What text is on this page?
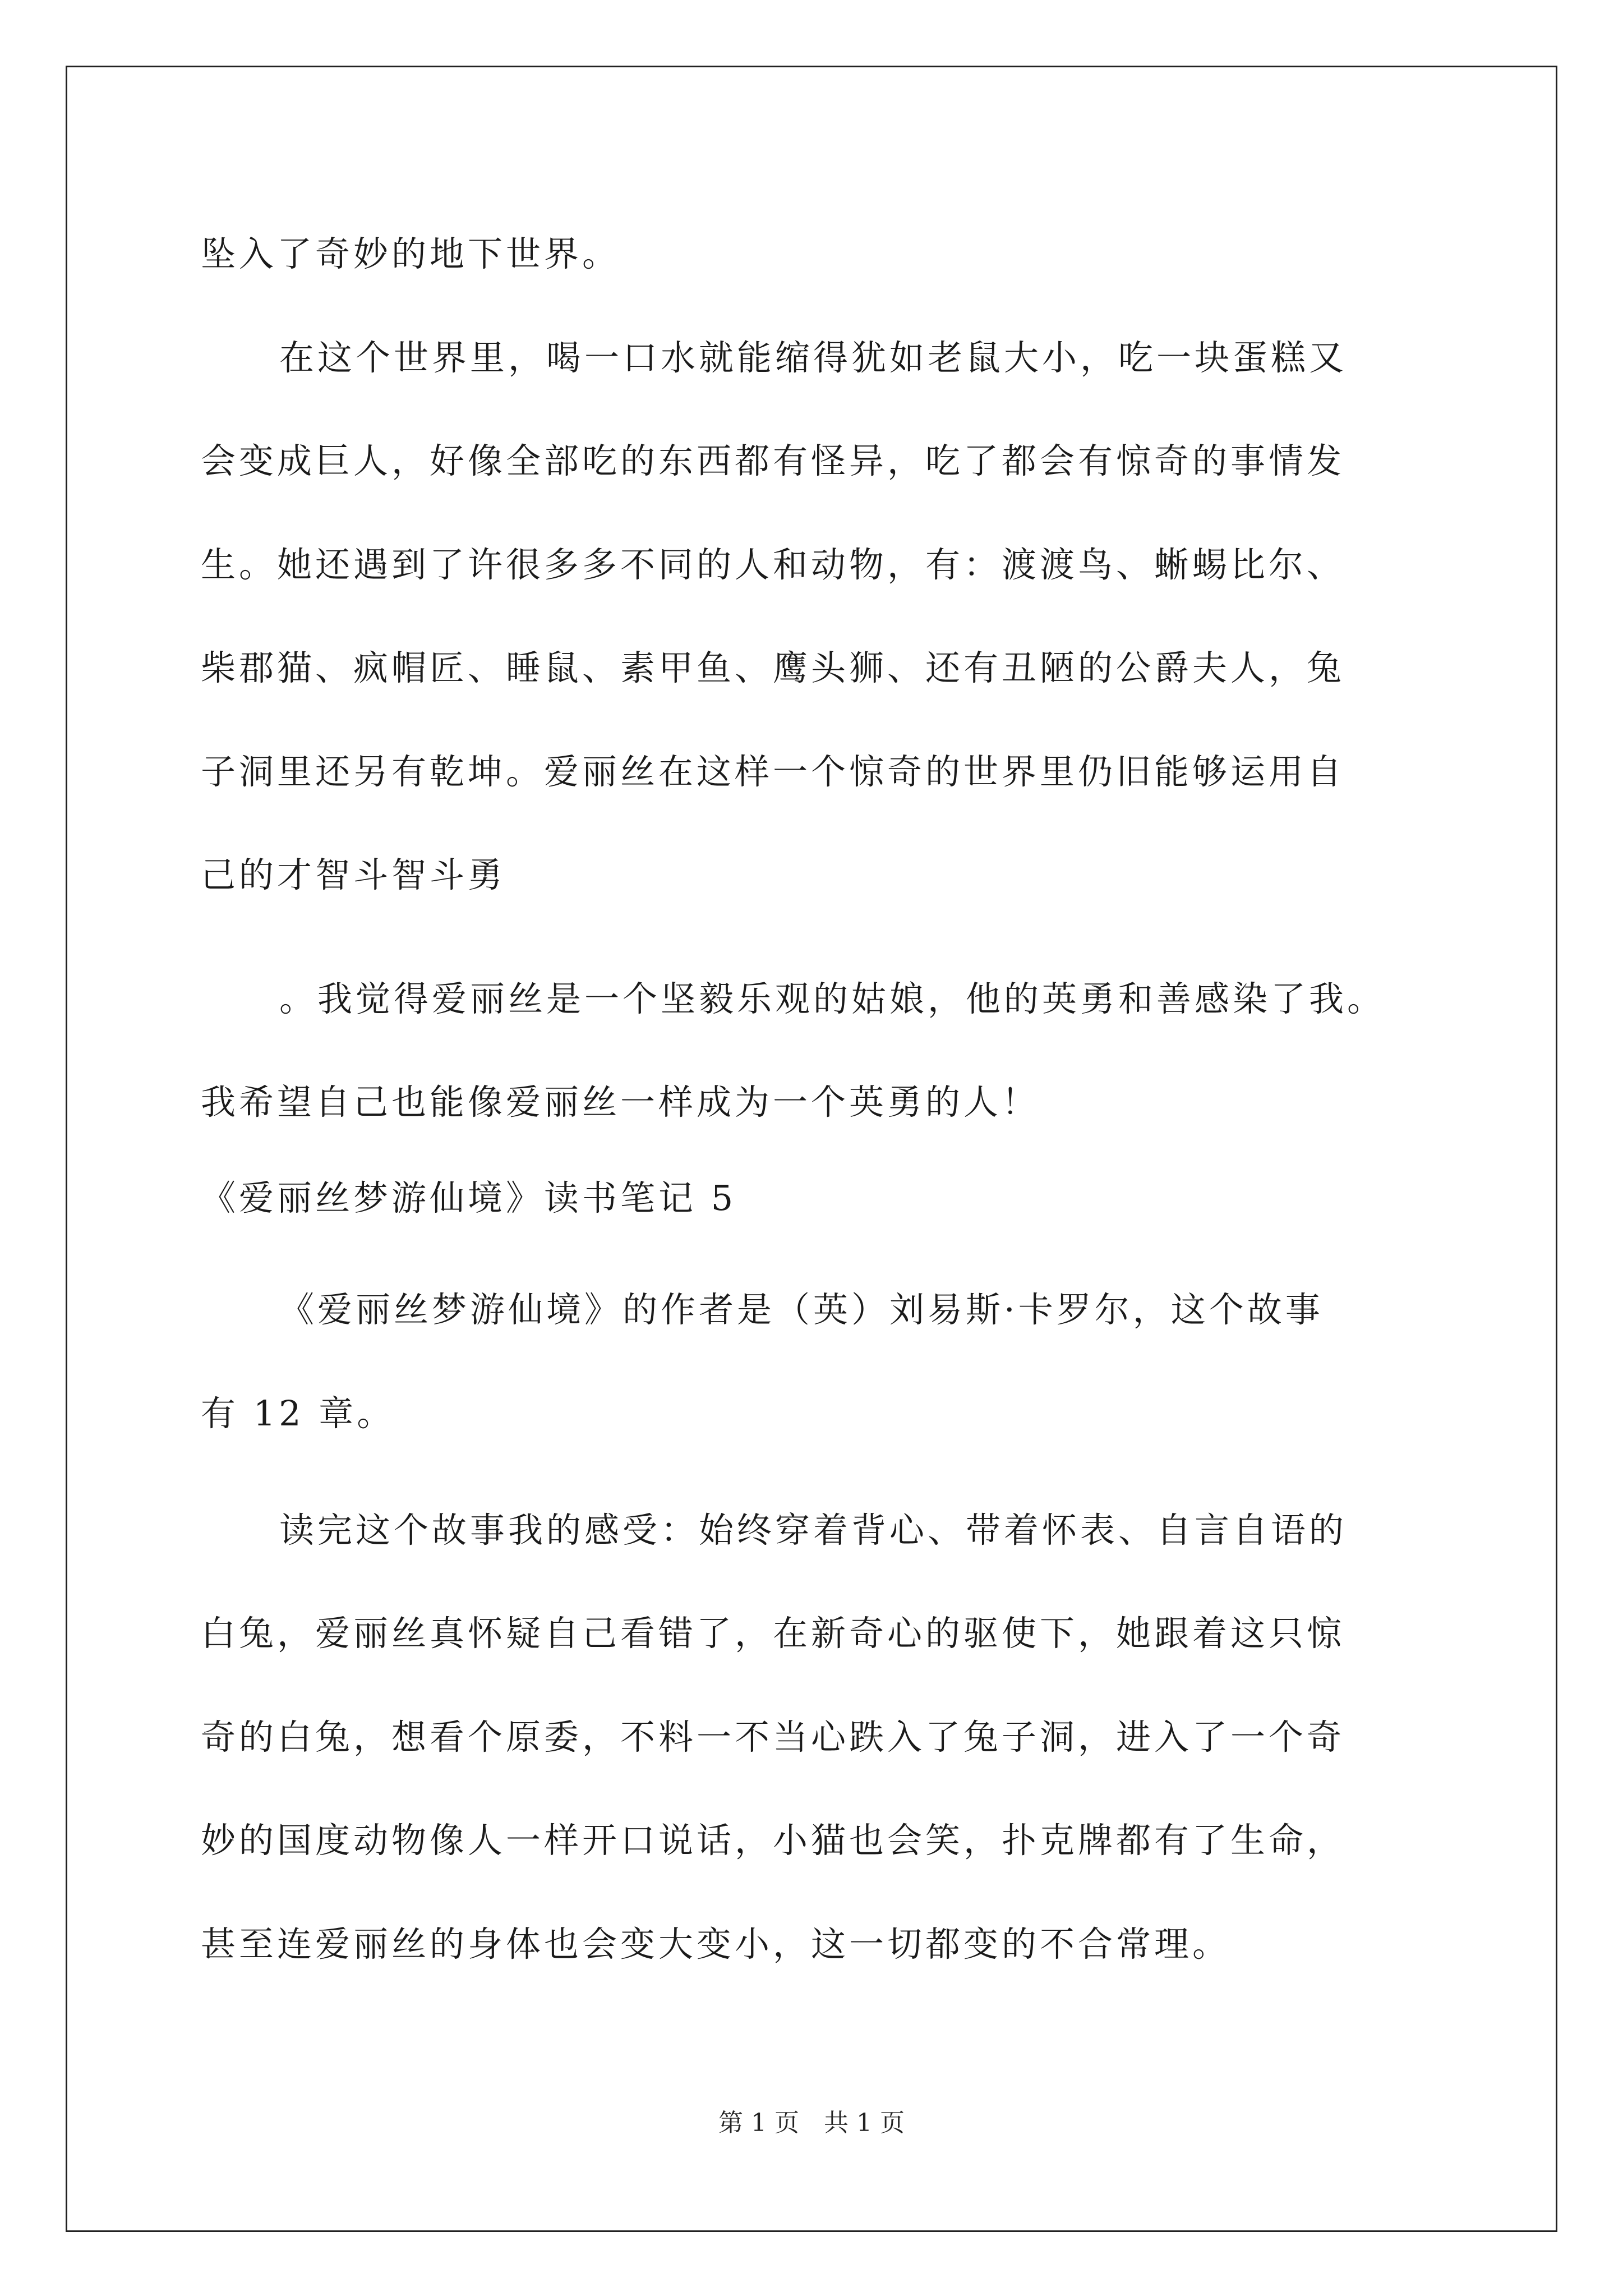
坠入了奇妙的地下世界。
在这个世界里，喝一口水就能缩得犹如老鼠大小，吃一块蛋糕又
会变成巨人，好像全部吃的东西都有怪异，吃了都会有惊奇的事情发
生。她还遇到了许很多多不同的人和动物，有：渡渡鸟、蜥蜴比尔、
柴郡猫、疯帽匠、睡鼠、素甲鱼、鹰头狮、还有丑陋的公爵夫人，兔
子洞里还另有乾坤。爱丽丝在这样一个惊奇的世界里仍旧能够运用自
己的才智斗智斗勇
。我觉得爱丽丝是一个坚毅乐观的姑娘，他的英勇和善感染了我。
我希望自己也能像爱丽丝一样成为一个英勇的人！
《爱丽丝梦游仙境》读书笔记 5
《爱丽丝梦游仙境》的作者是（英）刘易斯·卡罗尔，这个故事
有 12 章。
读完这个故事我的感受：始终穿着背心、带着怀表、自言自语的
白兔，爱丽丝真怀疑自己看错了，在新奇心的驱使下，她跟着这只惊
奇的白兔，想看个原委，不料一不当心跌入了兔子洞，进入了一个奇
妙的国度动物像人一样开口说话，小猫也会笑，扑克牌都有了生命，
甚至连爱丽丝的身体也会变大变小，这一切都变的不合常理。
第 1 页　共 1 页
